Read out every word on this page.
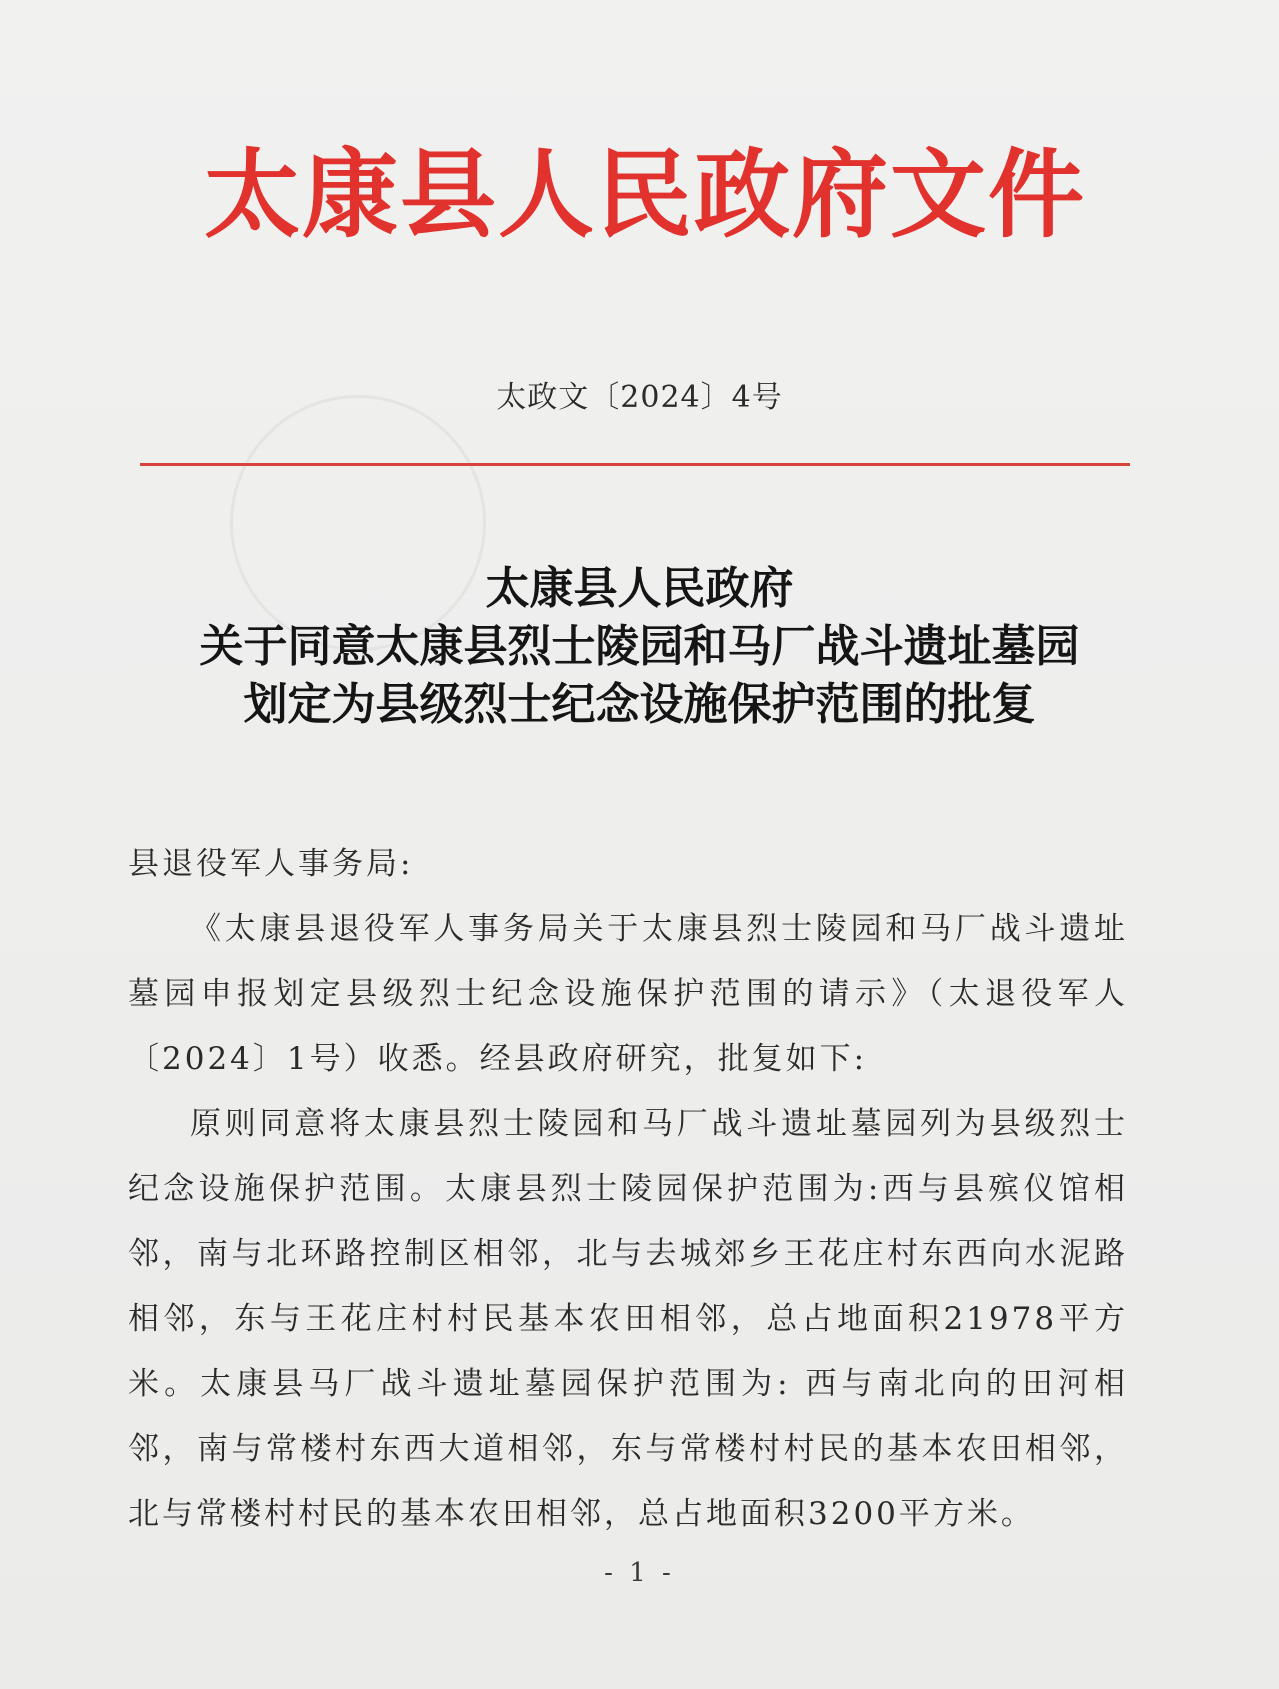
太康县人民政府文件
太政文〔2024〕4号
太康县人民政府
关于同意太康县烈士陵园和马厂战斗遗址墓园
划定为县级烈士纪念设施保护范围的批复
县退役军人事务局:
《太康县退役军人事务局关于太康县烈士陵园和马厂战斗遗址墓园申报划定县级烈士纪念设施保护范围的请示》（太退役军人〔2024〕1号）收悉。经县政府研究，批复如下:
原则同意将太康县烈士陵园和马厂战斗遗址墓园列为县级烈士纪念设施保护范围。太康县烈士陵园保护范围为:西与县殡仪馆相邻，南与北环路控制区相邻，北与去城郊乡王花庄村东西向水泥路相邻，东与王花庄村村民基本农田相邻，总占地面积21978平方米。太康县马厂战斗遗址墓园保护范围为: 西与南北向的田河相邻，南与常楼村东西大道相邻，东与常楼村村民的基本农田相邻，北与常楼村村民的基本农田相邻，总占地面积3200平方米。
- 1 -
